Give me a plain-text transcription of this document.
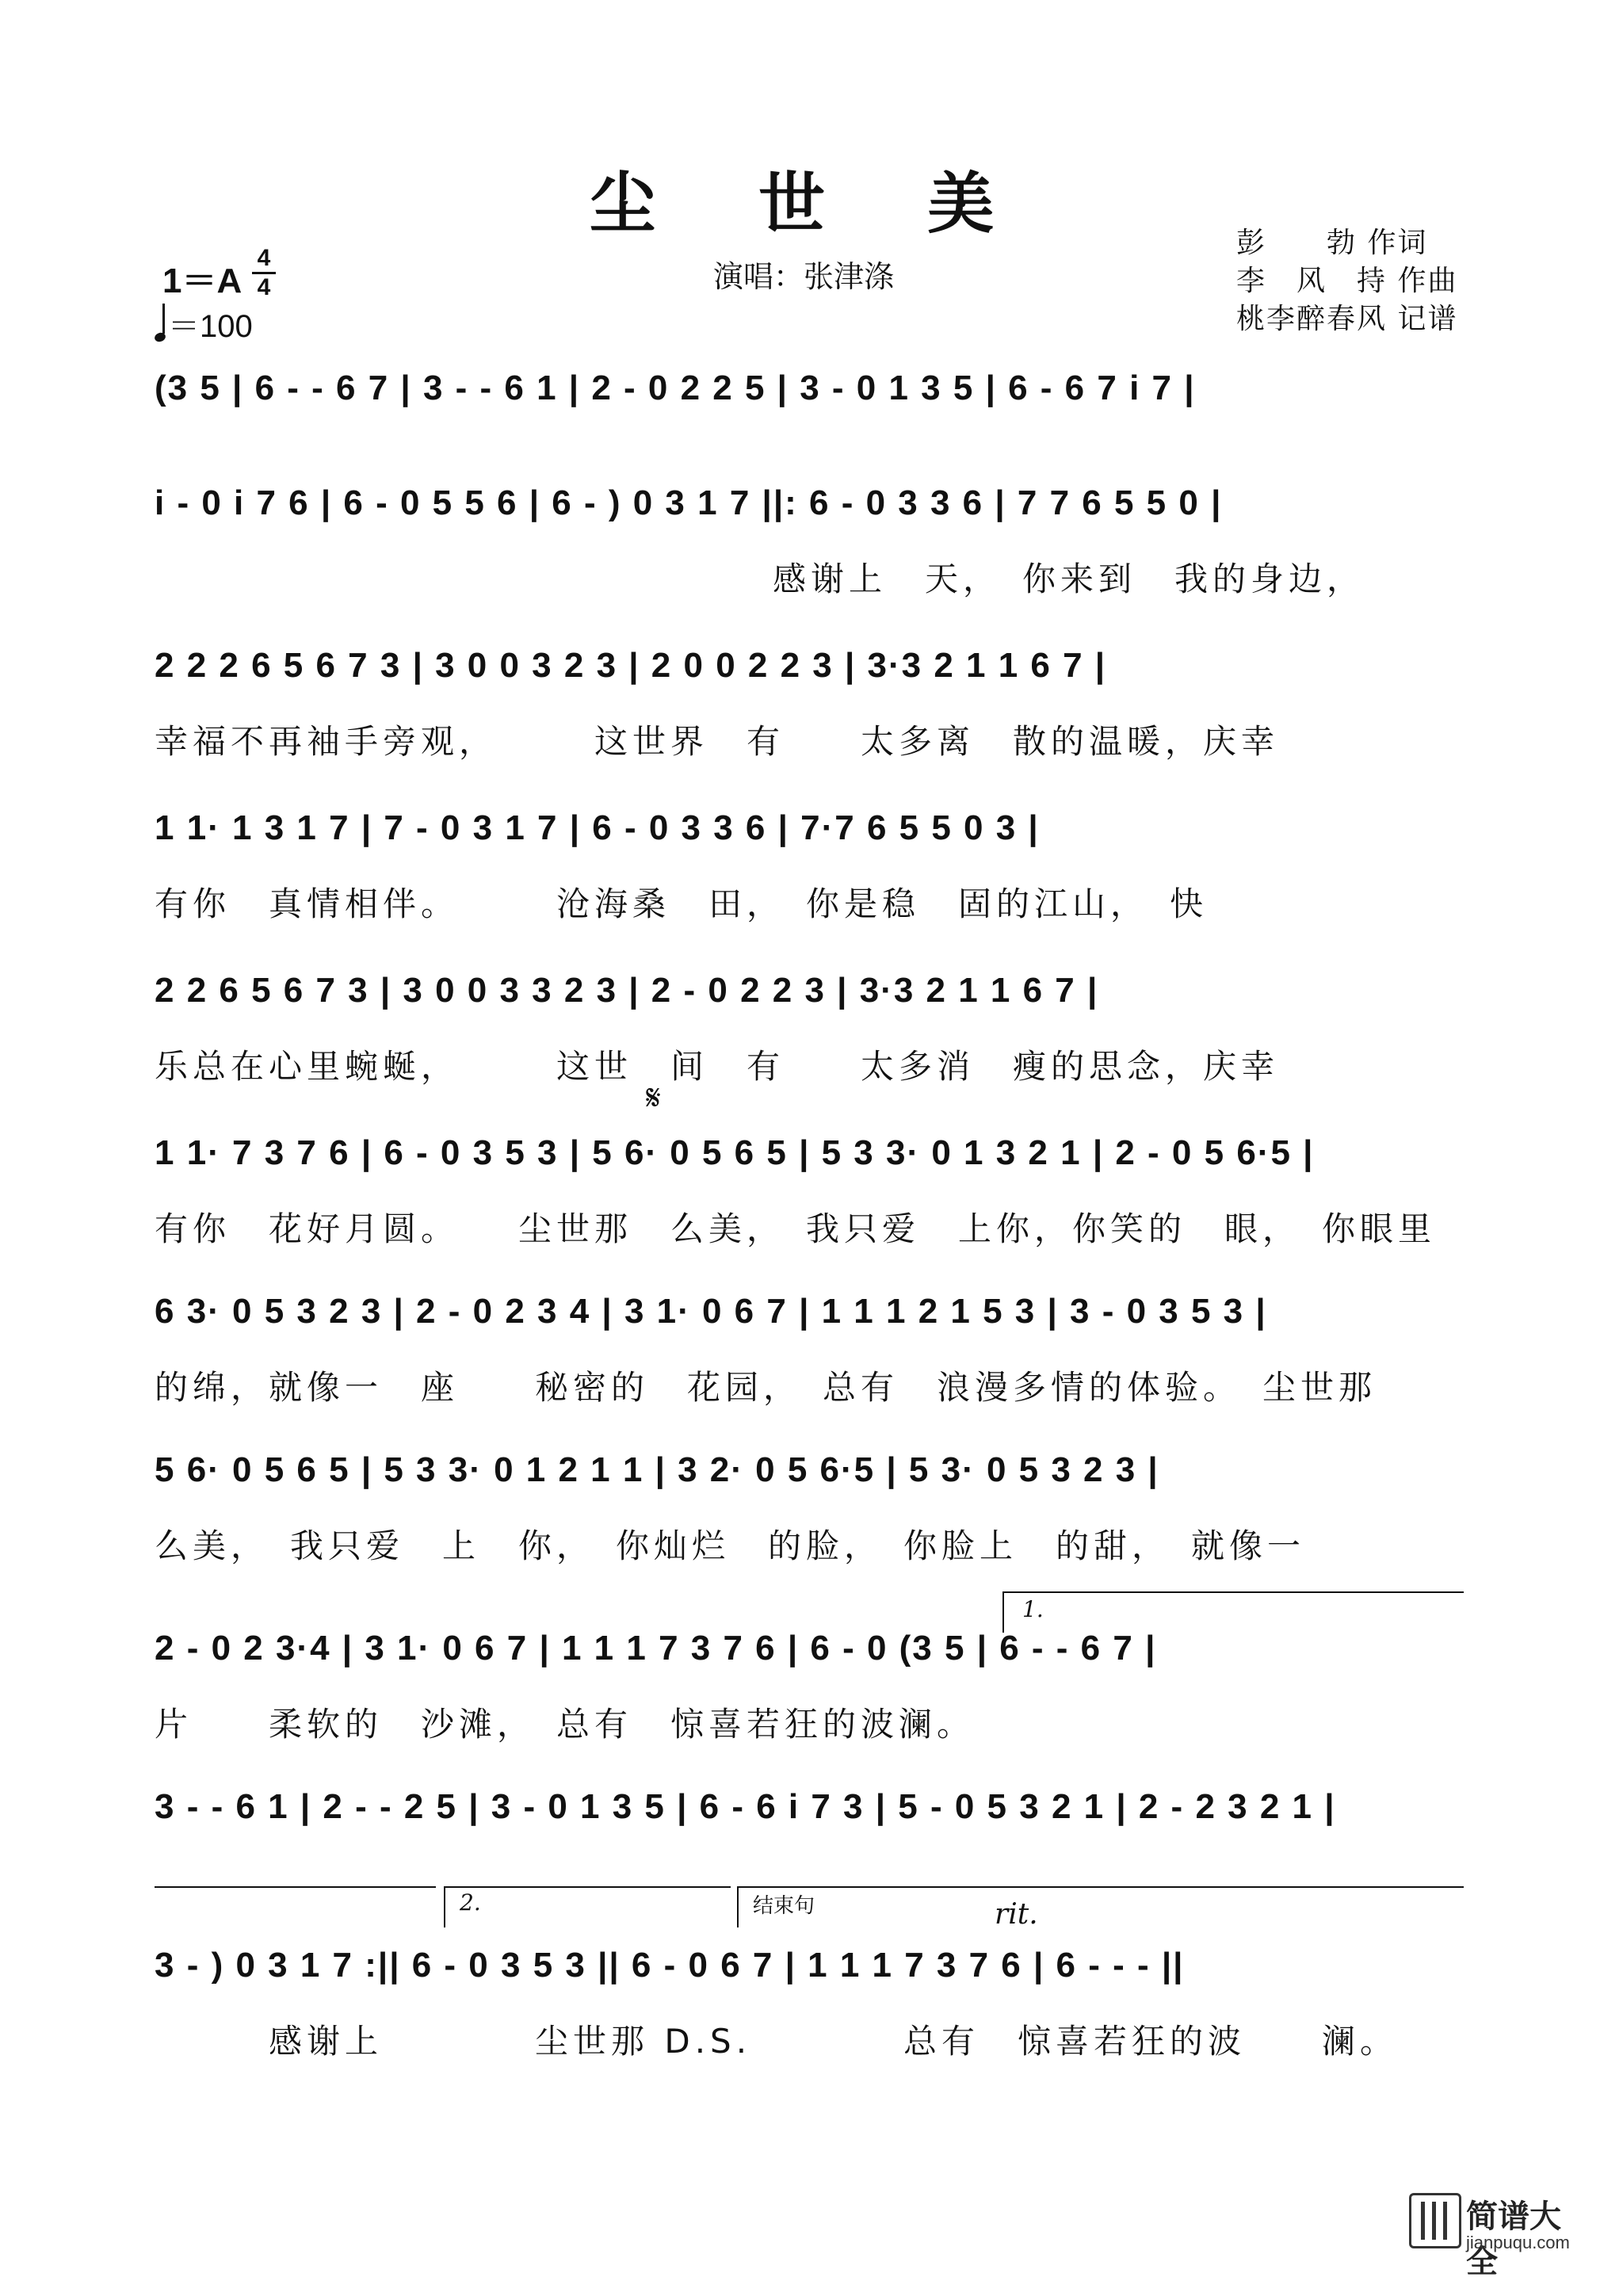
尘 世 美
1＝A
4
4
＝100
演唱：张津涤
彭　　勃 作词
李　风　持 作曲
桃李醉春风 记谱
(3 5 | 6 - - 6 7 | 3 - - 6 1 | 2 - 0 2 2 5 | 3 - 0 1 3 5 | 6 - 6 7 i 7 |
i - 0 i 7 6 | 6 - 0 5 5 6 | 6 - ) 0 3 1 7 ||: 6 - 0 3 3 6 | 7 7 6 5 5 0 |
感谢上　天，　你来到　我的身边，
2 2 2 6 5 6 7 3 | 3 0 0 3 2 3 | 2 0 0 2 2 3 | 3·3 2 1 1 6 7 |
幸福不再袖手旁观，　　　这世界　有　　太多离　散的温暖，庆幸
1 1· 1 3 1 7 | 7 - 0 3 1 7 | 6 - 0 3 3 6 | 7·7 6 5 5 0 3 |
有你　真情相伴。　　　沧海桑　田，　你是稳　固的江山，　快
2 2 6 5 6 7 3 | 3 0 0 3 3 2 3 | 2 - 0 2 2 3 | 3·3 2 1 1 6 7 |
乐总在心里蜿蜒，　　　这世　间　有　　太多消　瘦的思念，庆幸
𝄋
1 1· 7 3 7 6 | 6 - 0 3 5 3 | 5 6· 0 5 6 5 | 5 3 3· 0 1 3 2 1 | 2 - 0 5 6·5 |
有你　花好月圆。　　尘世那　么美，　我只爱　上你，你笑的　眼，　你眼里
6 3· 0 5 3 2 3 | 2 - 0 2 3 4 | 3 1· 0 6 7 | 1 1 1 2 1 5 3 | 3 - 0 3 5 3 |
的绵，就像一　座　　秘密的　花园，　总有　浪漫多情的体验。　尘世那
5 6· 0 5 6 5 | 5 3 3· 0 1 2 1 1 | 3 2· 0 5 6·5 | 5 3· 0 5 3 2 3 |
么美，　我只爱　上　你，　你灿烂　的脸，　你脸上　的甜，　就像一
1.
2 - 0 2 3·4 | 3 1· 0 6 7 | 1 1 1 7 3 7 6 | 6 - 0 (3 5 | 6 - - 6 7 |
片　　柔软的　沙滩，　总有　惊喜若狂的波澜。
3 - - 6 1 | 2 - - 2 5 | 3 - 0 1 3 5 | 6 - 6 i 7 3 | 5 - 0 5 3 2 1 | 2 - 2 3 2 1 |
2.	结束句	rit.
3 - ) 0 3 1 7 :|| 6 - 0 3 5 3 || 6 - 0 6 7 | 1 1 1 7 3 7 6 | 6 - - - ||
　　　感谢上　　　　尘世那 D.S.　　　　总有　惊喜若狂的波　　澜。
简谱大全
jianpuqu.com
